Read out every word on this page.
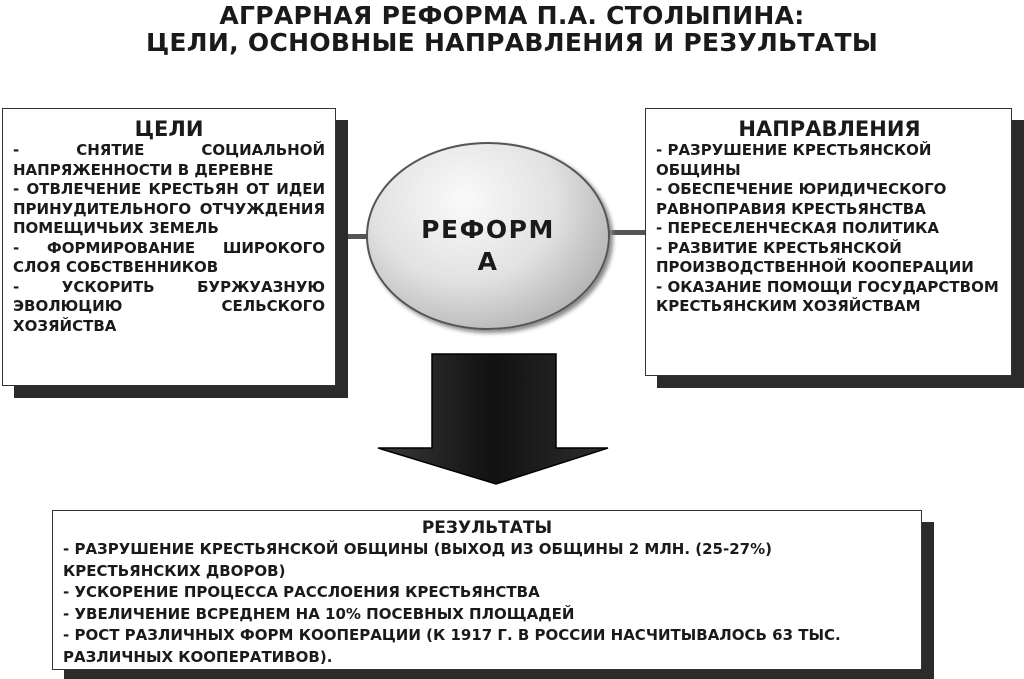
АГРАРНАЯ РЕФОРМА П.А. СТОЛЫПИНА:
ЦЕЛИ, ОСНОВНЫЕ НАПРАВЛЕНИЯ И РЕЗУЛЬТАТЫ
ЦЕЛИ
- СНЯТИЕ СОЦИАЛЬНОЙ НАПРЯЖЕННОСТИ В ДЕРЕВНЕ
- ОТВЛЕЧЕНИЕ КРЕСТЬЯН ОТ ИДЕИ ПРИНУДИТЕЛЬНОГО ОТЧУЖДЕНИЯ ПОМЕЩИЧЬИХ ЗЕМЕЛЬ
- ФОРМИРОВАНИЕ ШИРОКОГО СЛОЯ СОБСТВЕННИКОВ
- УСКОРИТЬ БУРЖУАЗНУЮ ЭВОЛЮЦИЮ СЕЛЬСКОГО ХОЗЯЙСТВА
НАПРАВЛЕНИЯ
- РАЗРУШЕНИЕ КРЕСТЬЯНСКОЙ ОБЩИНЫ
- ОБЕСПЕЧЕНИЕ ЮРИДИЧЕСКОГО РАВНОПРАВИЯ КРЕСТЬЯНСТВА
- ПЕРЕСЕЛЕНЧЕСКАЯ ПОЛИТИКА
- РАЗВИТИЕ КРЕСТЬЯНСКОЙ ПРОИЗВОДСТВЕННОЙ КООПЕРАЦИИ
- ОКАЗАНИЕ ПОМОЩИ ГОСУДАРСТВОМ КРЕСТЬЯНСКИМ ХОЗЯЙСТВАМ
РЕФОРМ
А
РЕЗУЛЬТАТЫ
- РАЗРУШЕНИЕ КРЕСТЬЯНСКОЙ ОБЩИНЫ (ВЫХОД ИЗ ОБЩИНЫ 2 МЛН. (25-27%) КРЕСТЬЯНСКИХ ДВОРОВ)
- УСКОРЕНИЕ ПРОЦЕССА РАССЛОЕНИЯ КРЕСТЬЯНСТВА
- УВЕЛИЧЕНИЕ ВСРЕДНЕМ НА 10% ПОСЕВНЫХ ПЛОЩАДЕЙ
- РОСТ РАЗЛИЧНЫХ ФОРМ КООПЕРАЦИИ (К 1917 Г. В РОССИИ НАСЧИТЫВАЛОСЬ 63 ТЫС. РАЗЛИЧНЫХ КООПЕРАТИВОВ).
